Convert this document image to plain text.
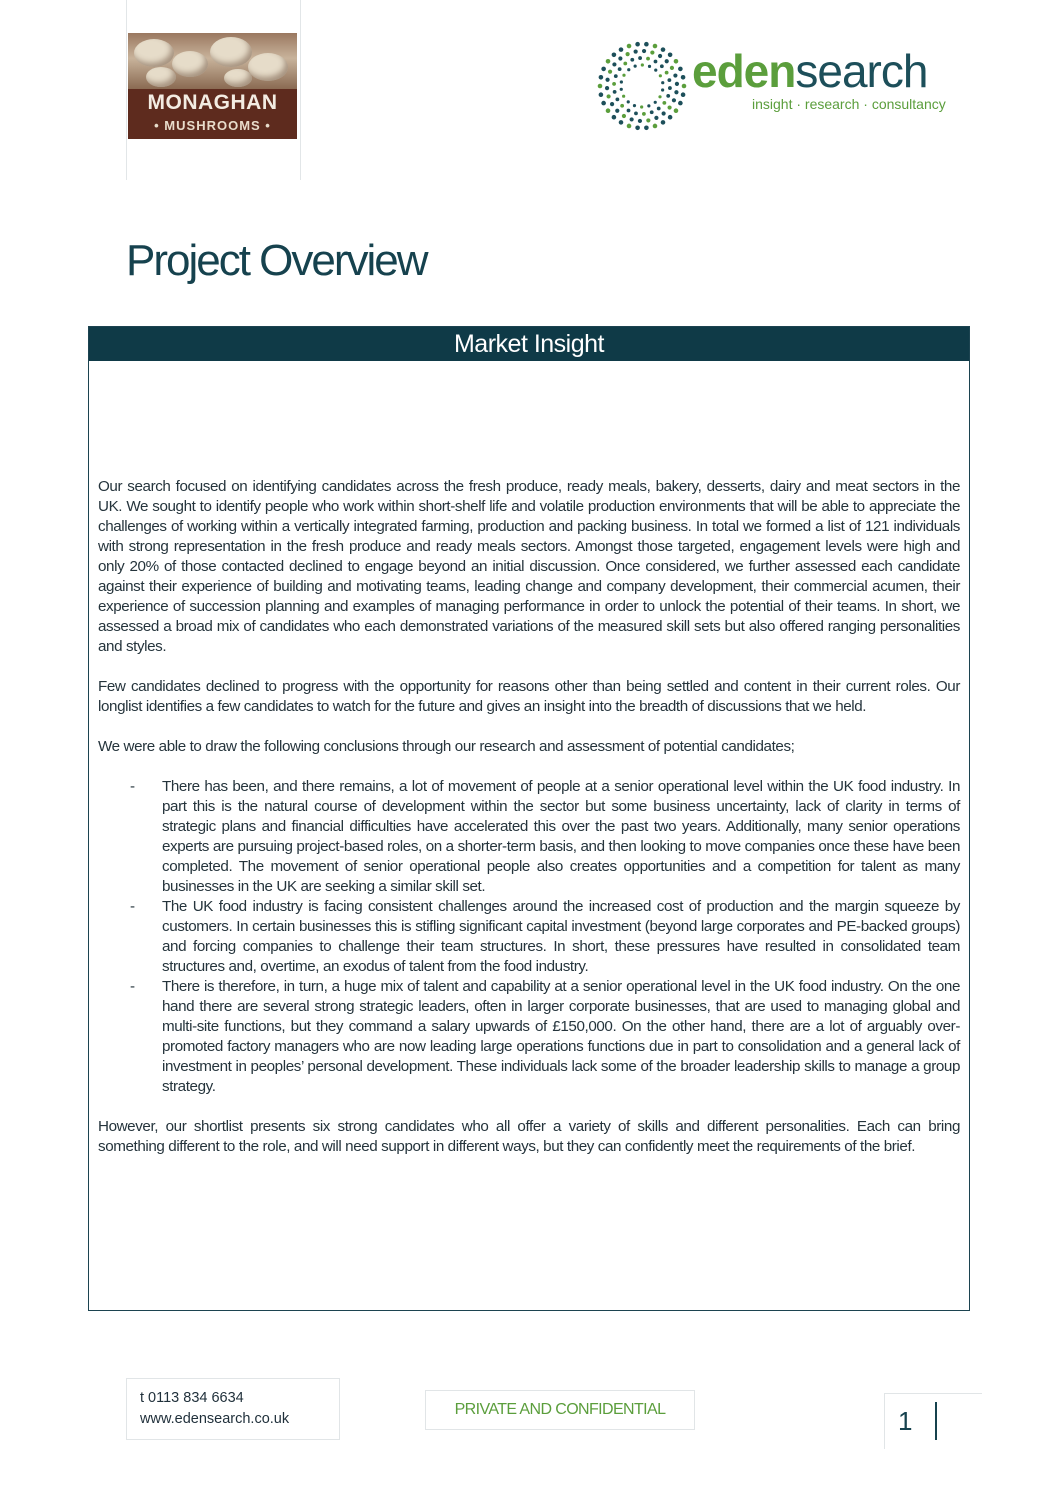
MONAGHAN
• MUSHROOMS •
edensearch
insight · research · consultancy
Project Overview
Market Insight

Our search focused on identifying candidates across the fresh produce, ready meals, bakery, desserts, dairy and meat sectors in the UK. We sought to identify people who work within short-shelf life and volatile production environments that will be able to appreciate the challenges of working within a vertically integrated farming, production and packing business. In total we formed a list of 121 individuals with strong representation in the fresh produce and ready meals sectors. Amongst those targeted, engagement levels were high and only 20% of those contacted declined to engage beyond an initial discussion. Once considered, we further assessed each candidate against their experience of building and motivating teams, leading change and company development, their commercial acumen, their experience of succession planning and examples of managing performance in order to unlock the potential of their teams. In short, we assessed a broad mix of candidates who each demonstrated variations of the measured skill sets but also offered ranging personalities and styles.

Few candidates declined to progress with the opportunity for reasons other than being settled and content in their current roles. Our longlist identifies a few candidates to watch for the future and gives an insight into the breadth of discussions that we held.

We were able to draw the following conclusions through our research and assessment of potential candidates;

- There has been, and there remains, a lot of movement of people at a senior operational level within the UK food industry. In part this is the natural course of development within the sector but some business uncertainty, lack of clarity in terms of strategic plans and financial difficulties have accelerated this over the past two years. Additionally, many senior operations experts are pursuing project-based roles, on a shorter-term basis, and then looking to move companies once these have been completed. The movement of senior operational people also creates opportunities and a competition for talent as many businesses in the UK are seeking a similar skill set.
- The UK food industry is facing consistent challenges around the increased cost of production and the margin squeeze by customers. In certain businesses this is stifling significant capital investment (beyond large corporates and PE-backed groups) and forcing companies to challenge their team structures. In short, these pressures have resulted in consolidated team structures and, overtime, an exodus of talent from the food industry.
- There is therefore, in turn, a huge mix of talent and capability at a senior operational level in the UK food industry. On the one hand there are several strong strategic leaders, often in larger corporate businesses, that are used to managing global and multi-site functions, but they command a salary upwards of £150,000. On the other hand, there are a lot of arguably over-promoted factory managers who are now leading large operations functions due in part to consolidation and a general lack of investment in peoples’ personal development. These individuals lack some of the broader leadership skills to manage a group strategy.

However, our shortlist presents six strong candidates who all offer a variety of skills and different personalities. Each can bring something different to the role, and will need support in different ways, but they can confidently meet the requirements of the brief.

t 0113 834 6634
www.edensearch.co.uk
PRIVATE AND CONFIDENTIAL	1
